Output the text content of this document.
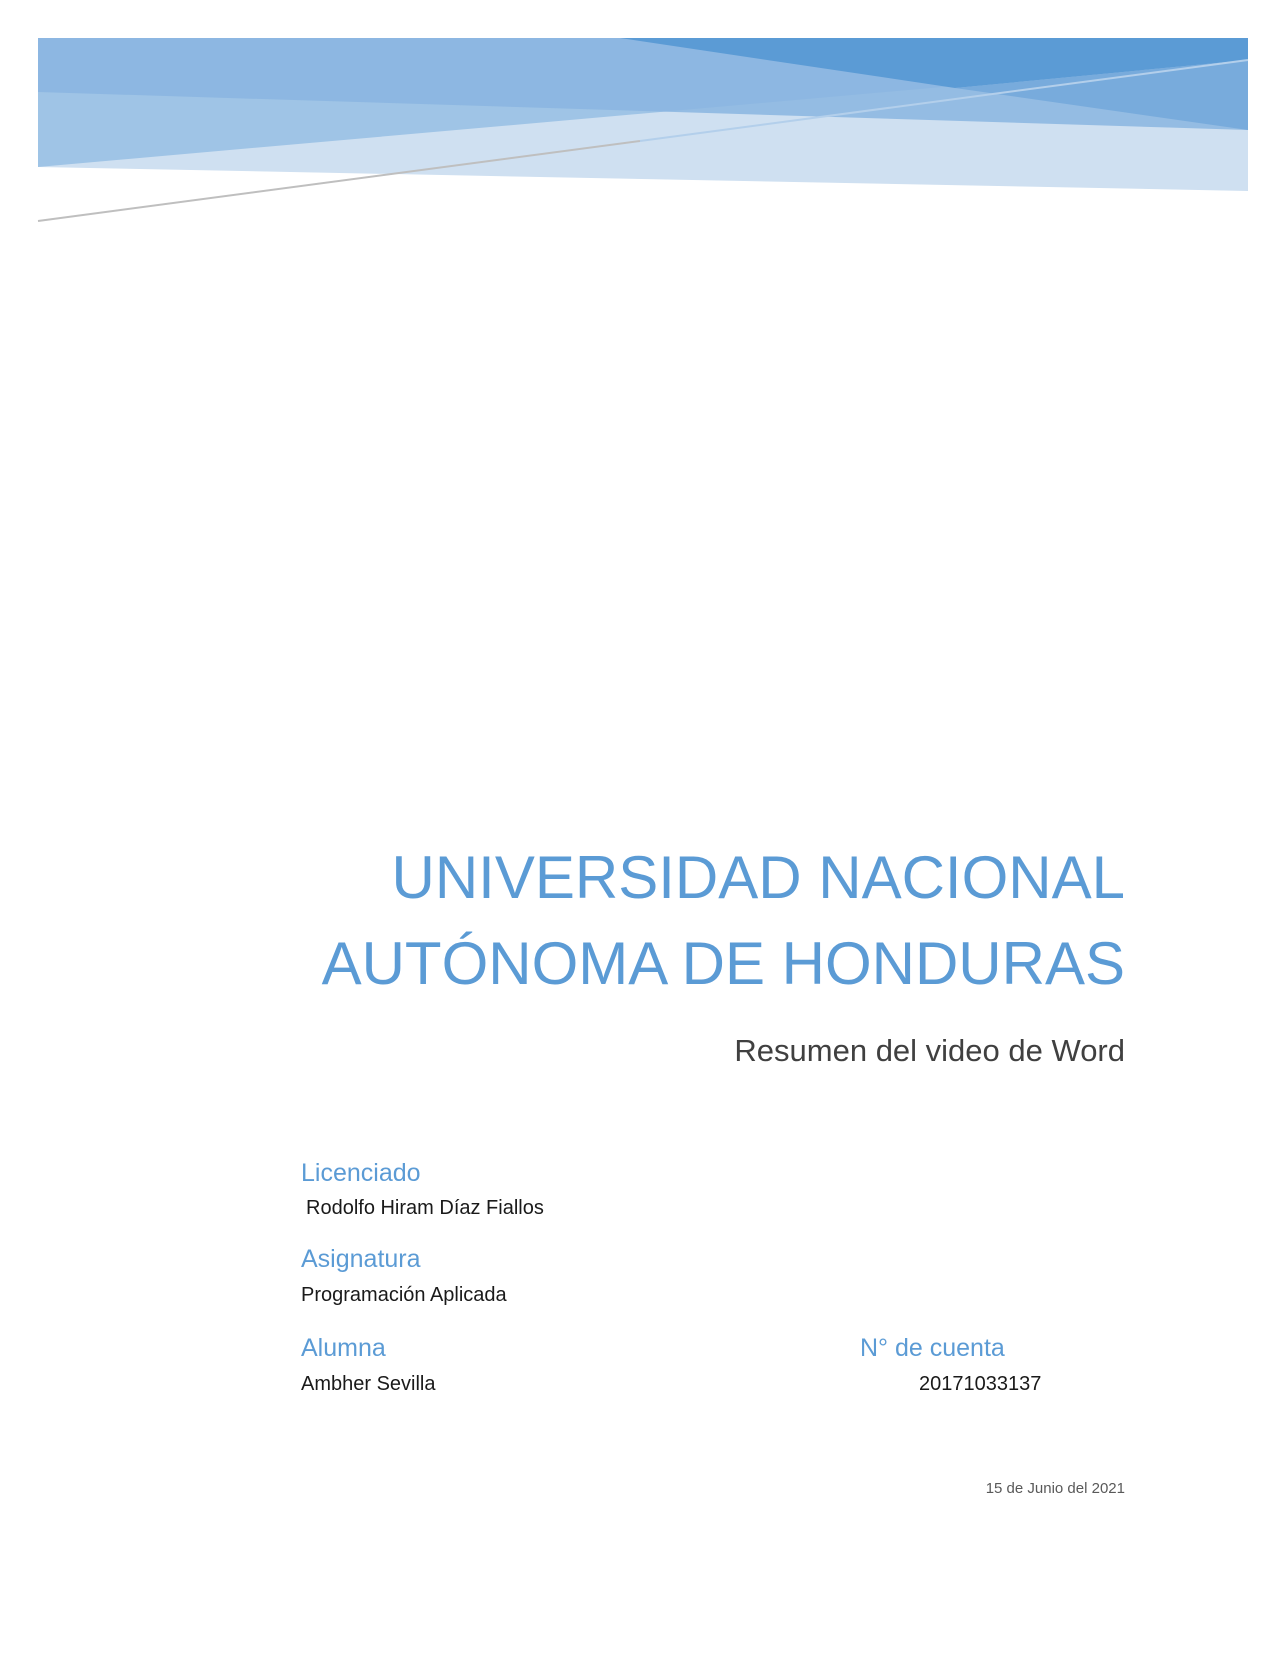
UNIVERSIDAD NACIONAL
AUTÓNOMA DE HONDURAS
Resumen del video de Word
Licenciado
Rodolfo Hiram Díaz Fiallos
Asignatura
Programación Aplicada
Alumna
Ambher Sevilla
N° de cuenta
20171033137
15 de Junio del 2021
